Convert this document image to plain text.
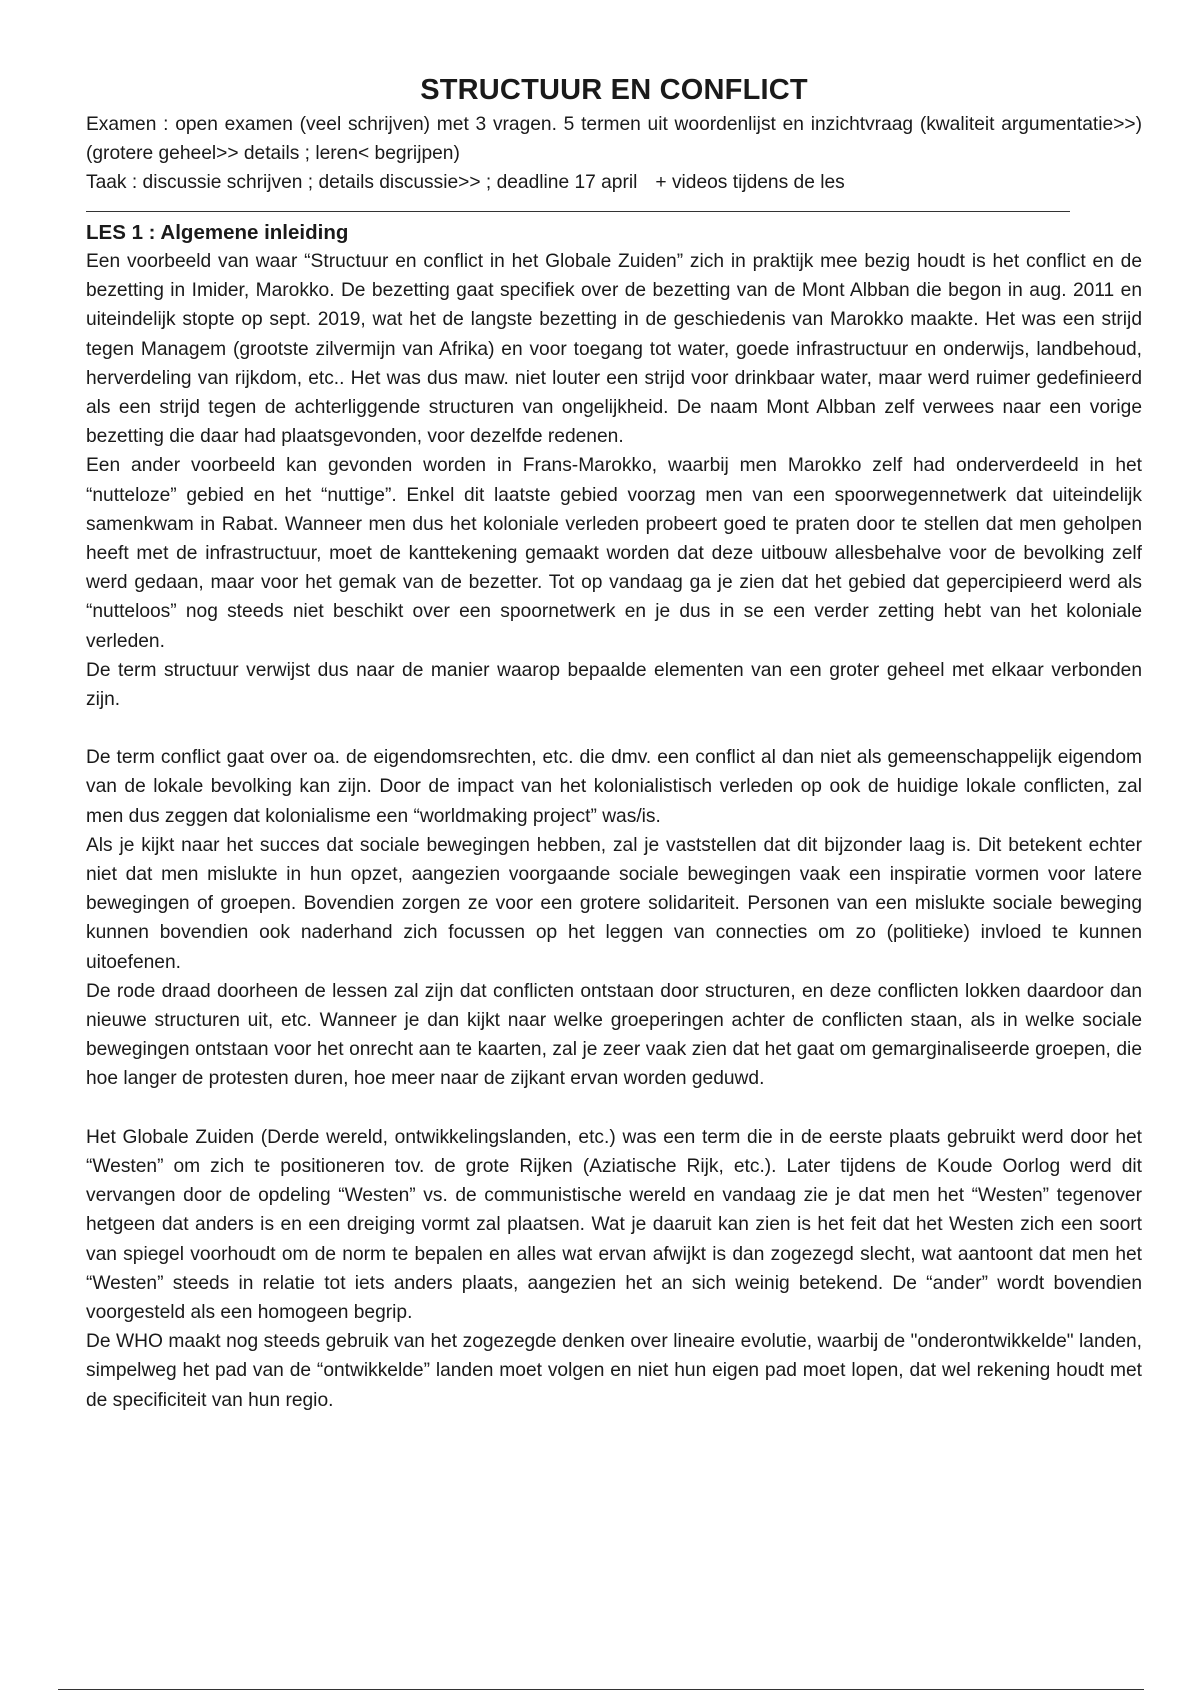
STRUCTUUR EN CONFLICT

Examen : open examen (veel schrijven) met 3 vragen. 5 termen uit woordenlijst en inzichtvraag (kwaliteit argumentatie>>) (grotere geheel>> details ; leren< begrijpen)

Taak : discussie schrijven ; details discussie>> ; deadline 17 april + videos tijdens de les

LES 1 : Algemene inleiding

Een voorbeeld van waar “Structuur en conflict in het Globale Zuiden” zich in praktijk mee bezig houdt is het conflict en de bezetting in Imider, Marokko. De bezetting gaat specifiek over de bezetting van de Mont Albban die begon in aug. 2011 en uiteindelijk stopte op sept. 2019, wat het de langste bezetting in de geschiedenis van Marokko maakte. Het was een strijd tegen Managem (grootste zilvermijn van Afrika) en voor toegang tot water, goede infrastructuur en onderwijs, landbehoud, herverdeling van rijkdom, etc.. Het was dus maw. niet louter een strijd voor drinkbaar water, maar werd ruimer gedefinieerd als een strijd tegen de achterliggende structuren van ongelijkheid. De naam Mont Albban zelf verwees naar een vorige bezetting die daar had plaatsgevonden, voor dezelfde redenen.

Een ander voorbeeld kan gevonden worden in Frans-Marokko, waarbij men Marokko zelf had onderverdeeld in het “nutteloze” gebied en het “nuttige”. Enkel dit laatste gebied voorzag men van een spoorwegennetwerk dat uiteindelijk samenkwam in Rabat. Wanneer men dus het koloniale verleden probeert goed te praten door te stellen dat men geholpen heeft met de infrastructuur, moet de kanttekening gemaakt worden dat deze uitbouw allesbehalve voor de bevolking zelf werd gedaan, maar voor het gemak van de bezetter. Tot op vandaag ga je zien dat het gebied dat gepercipieerd werd als “nutteloos” nog steeds niet beschikt over een spoornetwerk en je dus in se een verder zetting hebt van het koloniale verleden.

De term structuur verwijst dus naar de manier waarop bepaalde elementen van een groter geheel met elkaar verbonden zijn.

De term conflict gaat over oa. de eigendomsrechten, etc. die dmv. een conflict al dan niet als gemeenschappelijk eigendom van de lokale bevolking kan zijn. Door de impact van het kolonialistisch verleden op ook de huidige lokale conflicten, zal men dus zeggen dat kolonialisme een “worldmaking project” was/is.

Als je kijkt naar het succes dat sociale bewegingen hebben, zal je vaststellen dat dit bijzonder laag is. Dit betekent echter niet dat men mislukte in hun opzet, aangezien voorgaande sociale bewegingen vaak een inspiratie vormen voor latere bewegingen of groepen. Bovendien zorgen ze voor een grotere solidariteit. Personen van een mislukte sociale beweging kunnen bovendien ook naderhand zich focussen op het leggen van connecties om zo (politieke) invloed te kunnen uitoefenen.

De rode draad doorheen de lessen zal zijn dat conflicten ontstaan door structuren, en deze conflicten lokken daardoor dan nieuwe structuren uit, etc. Wanneer je dan kijkt naar welke groeperingen achter de conflicten staan, als in welke sociale bewegingen ontstaan voor het onrecht aan te kaarten, zal je zeer vaak zien dat het gaat om gemarginaliseerde groepen, die hoe langer de protesten duren, hoe meer naar de zijkant ervan worden geduwd.

Het Globale Zuiden (Derde wereld, ontwikkelingslanden, etc.) was een term die in de eerste plaats gebruikt werd door het “Westen” om zich te positioneren tov. de grote Rijken (Aziatische Rijk, etc.). Later tijdens de Koude Oorlog werd dit vervangen door de opdeling “Westen” vs. de communistische wereld en vandaag zie je dat men het “Westen” tegenover hetgeen dat anders is en een dreiging vormt zal plaatsen. Wat je daaruit kan zien is het feit dat het Westen zich een soort van spiegel voorhoudt om de norm te bepalen en alles wat ervan afwijkt is dan zogezegd slecht, wat aantoont dat men het “Westen” steeds in relatie tot iets anders plaats, aangezien het an sich weinig betekend. De “ander” wordt bovendien voorgesteld als een homogeen begrip.

De WHO maakt nog steeds gebruik van het zogezegde denken over lineaire evolutie, waarbij de "onderontwikkelde" landen, simpelweg het pad van de “ontwikkelde” landen moet volgen en niet hun eigen pad moet lopen, dat wel rekening houdt met de specificiteit van hun regio.
